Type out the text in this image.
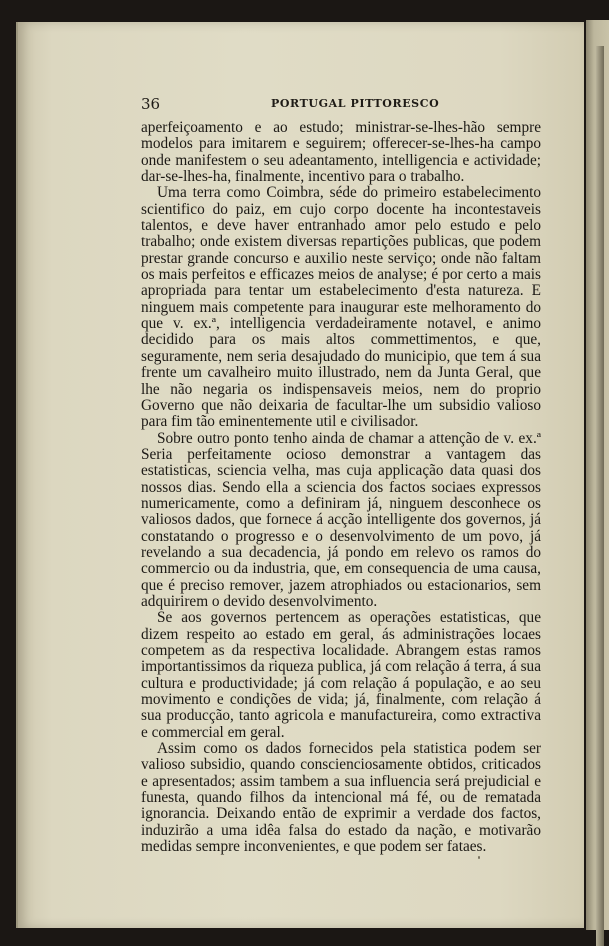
36	PORTUGAL PITTORESCO

aperfeiçoamento e ao estudo; ministrar-se-lhes-hão sempre modelos para imitarem e seguirem; offerecer-se-lhes-ha campo onde manifestem o seu adeantamento, intelligencia e actividade; dar-se-lhes-ha, finalmente, incentivo para o trabalho.

Uma terra como Coimbra, séde do primeiro estabelecimento scientifico do paiz, em cujo corpo docente ha incontestaveis talentos, e deve haver entranhado amor pelo estudo e pelo trabalho; onde existem diversas repartições publicas, que podem prestar grande concurso e auxilio neste serviço; onde não faltam os mais perfeitos e efficazes meios de analyse; é por certo a mais apropriada para tentar um estabelecimento d'esta natureza. E ninguem mais competente para inaugurar este melhoramento do que v. ex.ª, intelligencia verdadeiramente notavel, e animo decidido para os mais altos commettimentos, e que, seguramente, nem seria desajudado do municipio, que tem á sua frente um cavalheiro muito illustrado, nem da Junta Geral, que lhe não negaria os indispensaveis meios, nem do proprio Governo que não deixaria de facultar-lhe um subsidio valioso para fim tão eminentemente util e civilisador.

Sobre outro ponto tenho ainda de chamar a attenção de v. ex.ª Seria perfeitamente ocioso demonstrar a vantagem das estatisticas, sciencia velha, mas cuja applicação data quasi dos nossos dias. Sendo ella a sciencia dos factos sociaes expressos numericamente, como a definiram já, ninguem desconhece os valiosos dados, que fornece á acção intelligente dos governos, já constatando o progresso e o desenvolvimento de um povo, já revelando a sua decadencia, já pondo em relevo os ramos do commercio ou da industria, que, em consequencia de uma causa, que é preciso remover, jazem atrophiados ou estacionarios, sem adquirirem o devido desenvolvimento.

Se aos governos pertencem as operações estatisticas, que dizem respeito ao estado em geral, ás administrações locaes competem as da respectiva localidade. Abrangem estas ramos importantissimos da riqueza publica, já com relação á terra, á sua cultura e productividade; já com relação á população, e ao seu movimento e condições de vida; já, finalmente, com relação á sua producção, tanto agricola e manufactureira, como extractiva e commercial em geral.

Assim como os dados fornecidos pela statistica podem ser valioso subsidio, quando conscienciosamente obtidos, criticados e apresentados; assim tambem a sua influencia será prejudicial e funesta, quando filhos da intencional má fé, ou de rematada ignorancia. Deixando então de exprimir a verdade dos factos, induzirão a uma idêa falsa do estado da nação, e motivarão medidas sempre inconvenientes, e que podem ser fataes.
